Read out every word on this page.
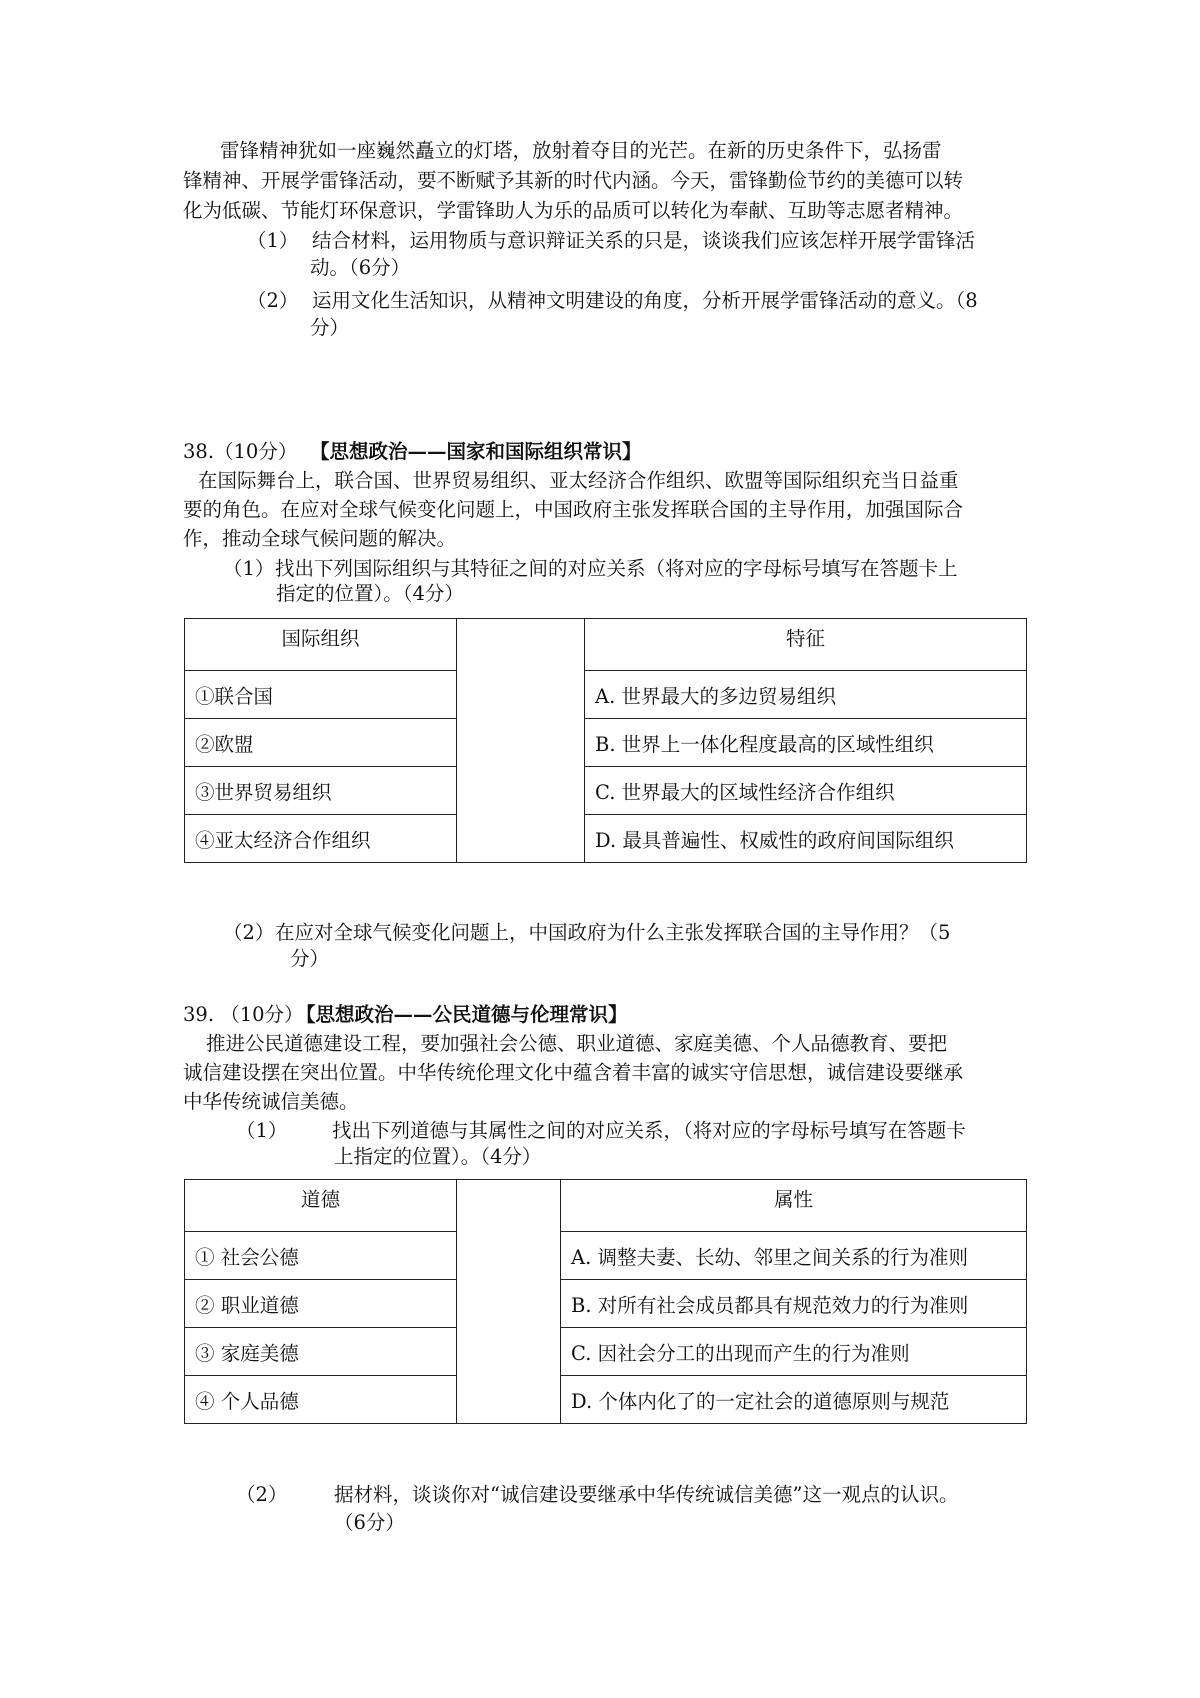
雷锋精神犹如一座巍然矗立的灯塔，放射着夺目的光芒。在新的历史条件下，弘扬雷
锋精神、开展学雷锋活动，要不断赋予其新的时代内涵。今天，雷锋勤俭节约的美德可以转
化为低碳、节能灯环保意识，学雷锋助人为乐的品质可以转化为奉献、互助等志愿者精神。
（1） 结合材料，运用物质与意识辩证关系的只是，谈谈我们应该怎样开展学雷锋活
动。（6分）
（2） 运用文化生活知识，从精神文明建设的角度，分析开展学雷锋活动的意义。（8
分）
38.（10分） 【思想政治——国家和国际组织常识】
在国际舞台上，联合国、世界贸易组织、亚太经济合作组织、欧盟等国际组织充当日益重
要的角色。在应对全球气候变化问题上，中国政府主张发挥联合国的主导作用，加强国际合
作，推动全球气候问题的解决。
（1） 找出下列国际组织与其特征之间的对应关系（将对应的字母标号填写在答题卡上
指定的位置）。（4分）
国际组织		特征
①联合国		A. 世界最大的多边贸易组织
②欧盟		B. 世界上一体化程度最高的区域性组织
③世界贸易组织		C. 世界最大的区域性经济合作组织
④亚太经济合作组织		D. 最具普遍性、权威性的政府间国际组织
（2） 在应对全球气候变化问题上，中国政府为什么主张发挥联合国的主导作用？（5
分）
39. （10分）
【思想政治——公民道德与伦理常识】
推进公民道德建设工程，要加强社会公德、职业道德、家庭美德、个人品德教育、要把
诚信建设摆在突出位置。中华传统伦理文化中蕴含着丰富的诚实守信思想，诚信建设要继承
中华传统诚信美德。
（1） 找出下列道德与其属性之间的对应关系，（将对应的字母标号填写在答题卡
上指定的位置）。（4分）
道德		属性
① 社会公德		A. 调整夫妻、长幼、邻里之间关系的行为准则
② 职业道德		B. 对所有社会成员都具有规范效力的行为准则
③ 家庭美德		C. 因社会分工的出现而产生的行为准则
④ 个人品德		D. 个体内化了的一定社会的道德原则与规范
（2） 据材料，谈谈你对“诚信建设要继承中华传统诚信美德”这一观点的认识。
（6分）
